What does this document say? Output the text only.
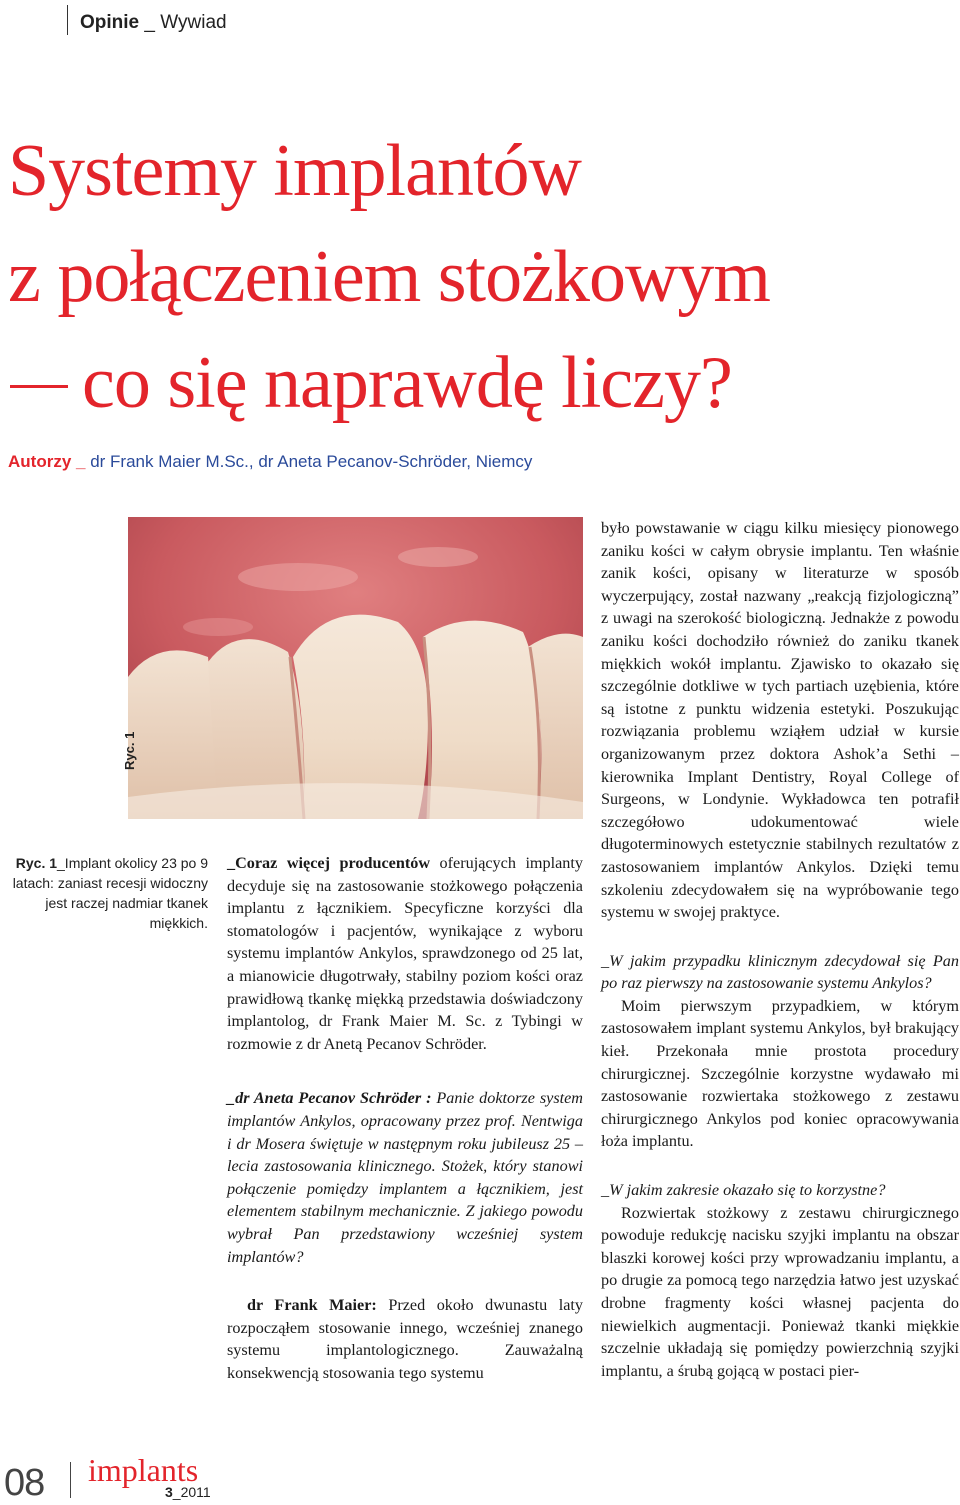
Opinie _ Wywiad
Systemy implantów
z połączeniem stożkowym
co się naprawdę liczy?
Autorzy _ dr Frank Maier M.Sc., dr Aneta Pecanov-Schröder, Niemcy
Ryc. 1
Ryc. 1_Implant okolicy 23 po 9 latach: zaniast recesji widoczny jest raczej nadmiar tkanek miękkich.

_Coraz więcej producentów oferujących implanty decyduje się na zastosowanie stożkowego połączenia implantu z łącznikiem. Specyficzne korzyści dla stomatologów i pacjentów, wynikające z wyboru systemu implantów Ankylos, sprawdzonego od 25 lat, a mianowicie długotrwały, stabilny poziom kości oraz prawidłową tkankę miękką przedstawia doświadczony implantolog, dr Frank Maier M. Sc. z Tybingi w rozmowie z dr Anetą Pecanov Schröder.

_dr Aneta Pecanov Schröder : Panie doktorze system implantów Ankylos, opracowany przez prof. Nentwiga i dr Mosera świętuje w następnym roku jubileusz 25 – lecia zastosowania klinicznego. Stożek, który stanowi połączenie pomiędzy implantem a łącznikiem, jest elementem stabilnym mechanicznie. Z jakiego powodu wybrał Pan przedstawiony wcześniej system implantów?

dr Frank Maier: Przed około dwunastu laty rozpocząłem stosowanie innego, wcześniej znanego systemu implantologicznego. Zauważalną konsekwencją stosowania tego systemu

było powstawanie w ciągu kilku miesięcy pionowego zaniku kości w całym obrysie implantu. Ten właśnie zanik kości, opisany w literaturze w sposób wyczerpujący, został nazwany „reakcją fizjologiczną” z uwagi na szerokość biologiczną. Jednakże z powodu zaniku kości dochodziło również do zaniku tkanek miękkich wokół implantu. Zjawisko to okazało się szczególnie dotkliwe w tych partiach uzębienia, które są istotne z punktu widzenia estetyki. Poszukując rozwiązania problemu wziąłem udział w kursie organizowanym przez doktora Ashok’a Sethi – kierownika Implant Dentistry, Royal College of Surgeons, w Londynie. Wykładowca ten potrafił szczegółowo udokumentować wiele długoterminowych estetycznie stabilnych rezultatów z zastosowaniem implantów Ankylos. Dzięki temu szkoleniu zdecydowałem się na wypróbowanie tego systemu w swojej praktyce.

_W jakim przypadku klinicznym zdecydował się Pan po raz pierwszy na zastosowanie systemu Ankylos?

Moim pierwszym przypadkiem, w którym zastosowałem implant systemu Ankylos, był brakujący kieł. Przekonała mnie prostota procedury chirurgicznej. Szczególnie korzystne wydawało mi zastosowanie rozwiertaka stożkowego z zestawu chirurgicznego Ankylos pod koniec opracowywania łoża implantu.

_W jakim zakresie okazało się to korzystne?

Rozwiertak stożkowy z zestawu chirurgicznego powoduje redukcję nacisku szyjki implantu na obszar blaszki korowej kości przy wprowadzaniu implantu, a po drugie za pomocą tego narzędzia łatwo jest uzyskać drobne fragmenty kości własnej pacjenta do niewielkich augmentacji. Ponieważ tkanki miękkie szczelnie układają się pomiędzy powierzchnią szyjki implantu, a śrubą gojącą w postaci pier-

08 implants
3_2011
